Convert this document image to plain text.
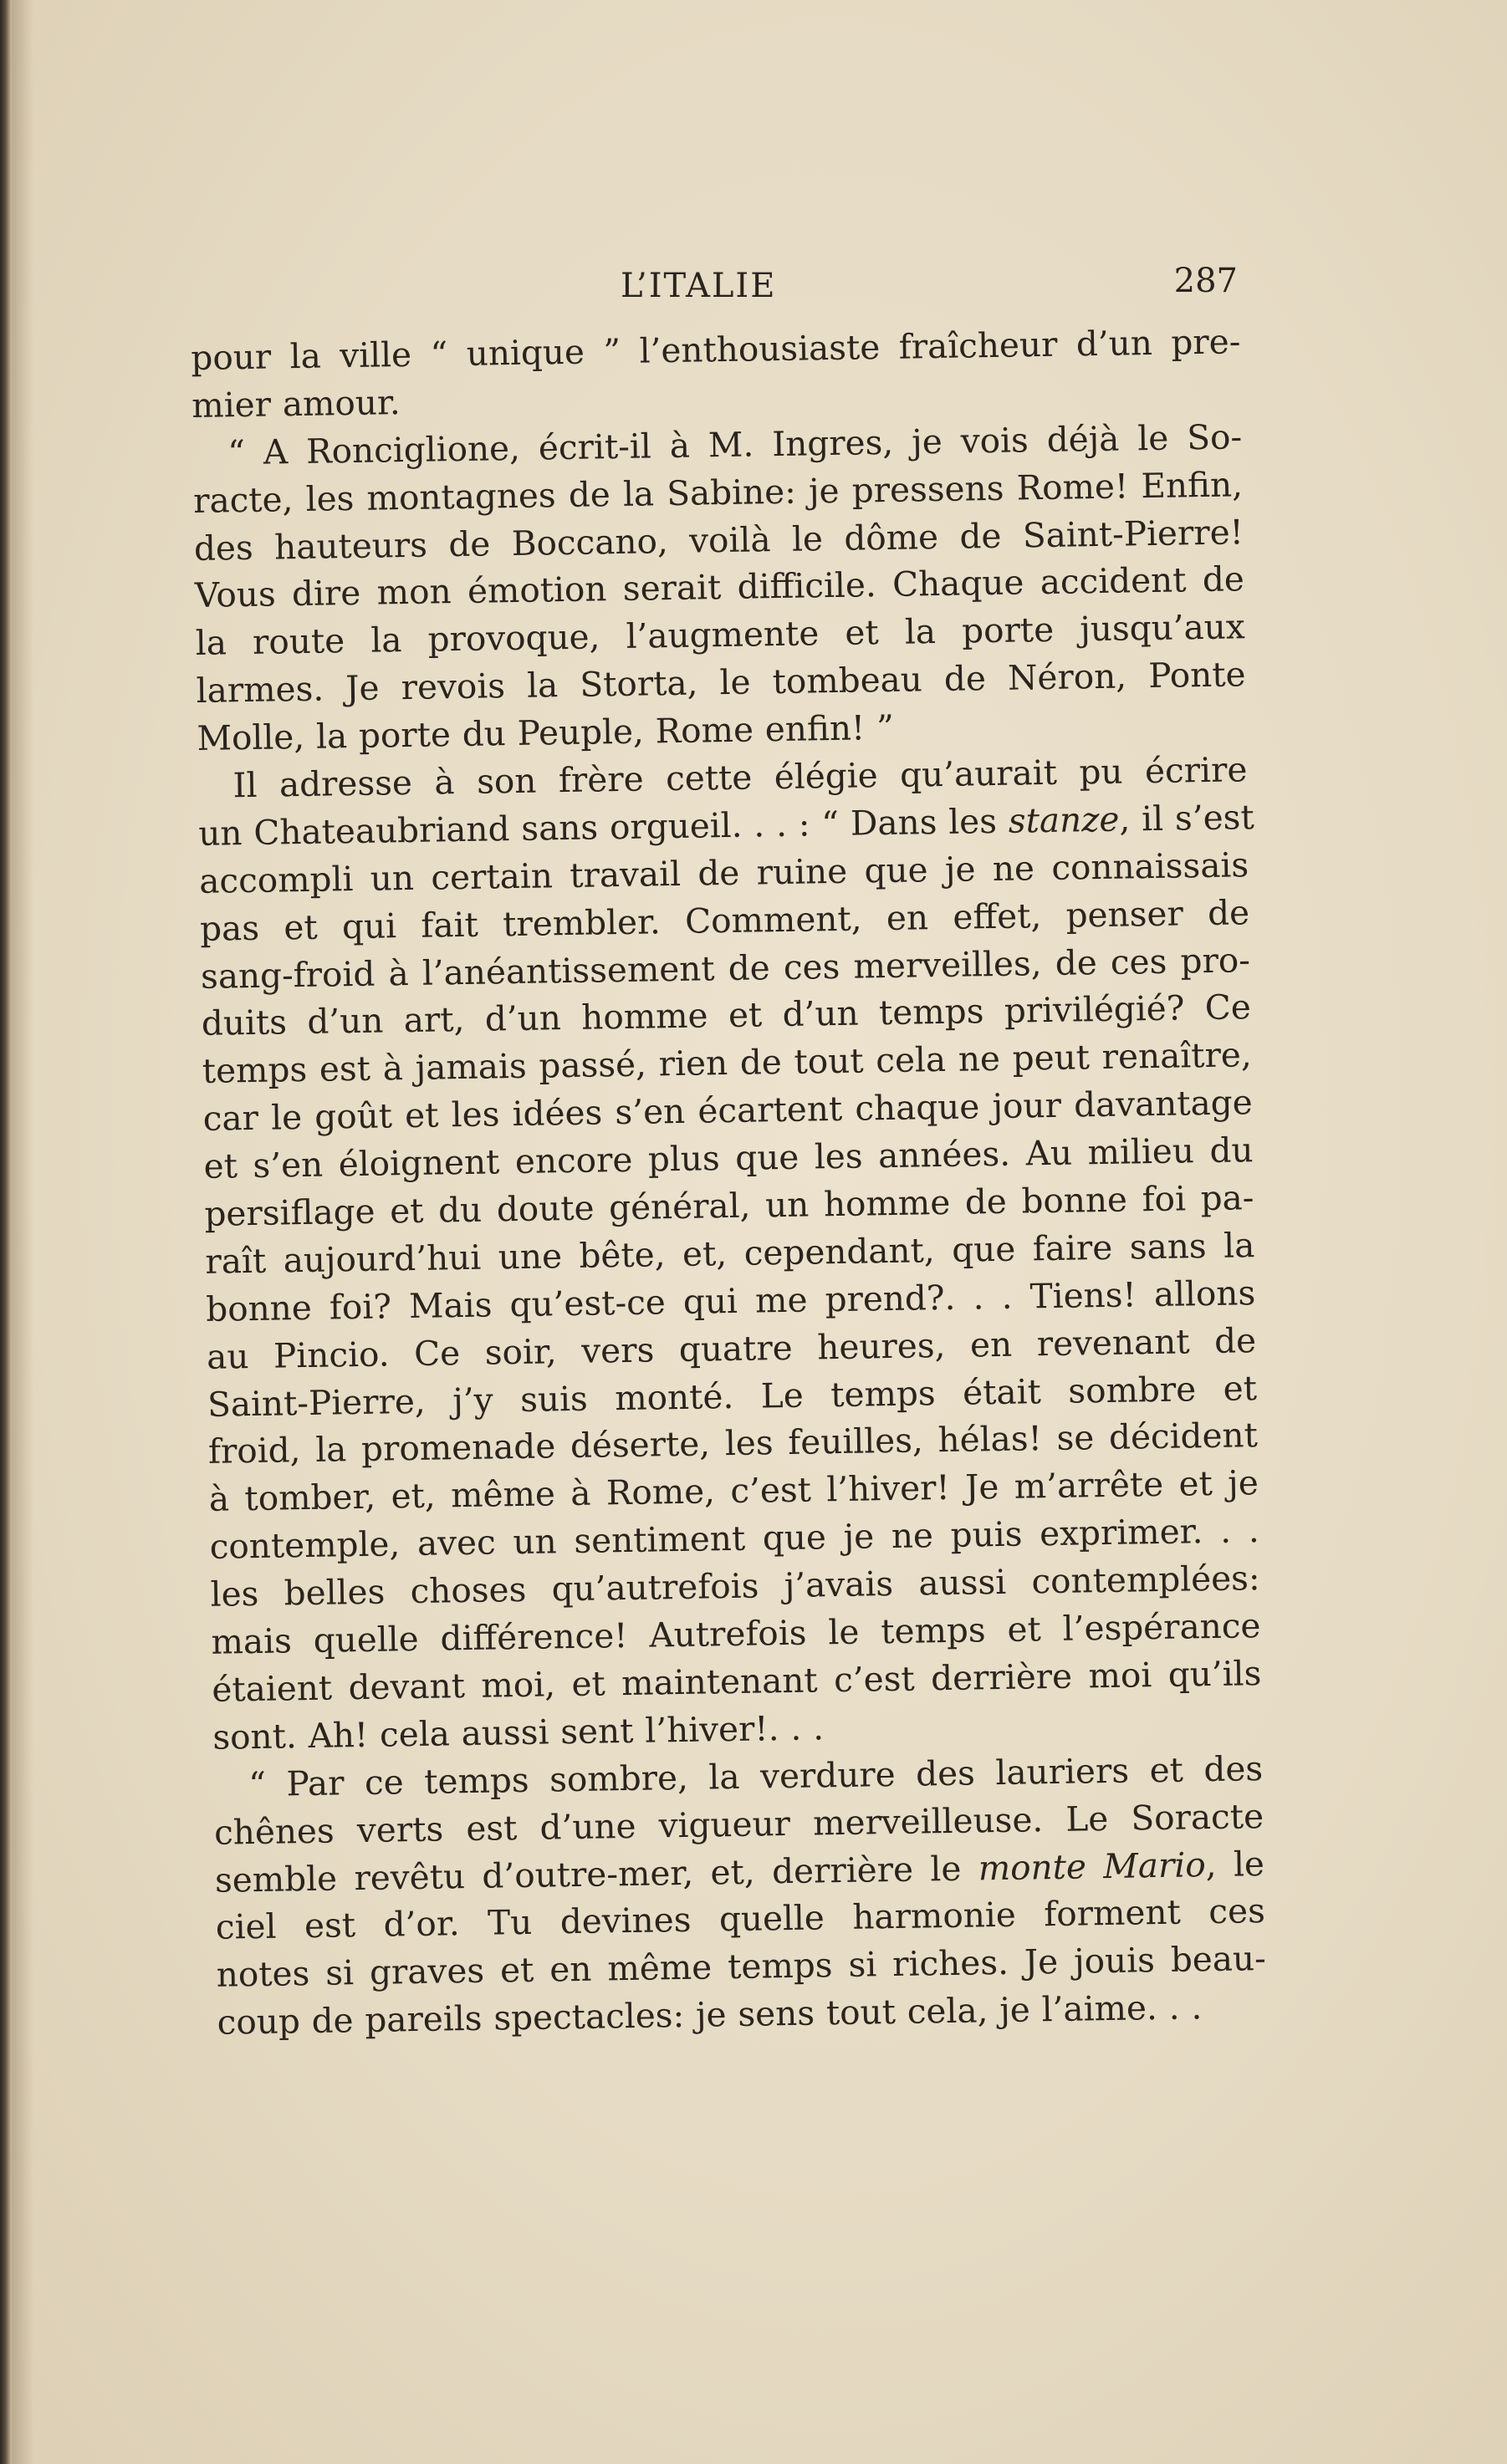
L’ITALIE	287
pour la ville “ unique ” l’enthousiaste fraîcheur d’un pre-
mier amour.
“ A Ronciglione, écrit-il à M. Ingres, je vois déjà le So-
racte, les montagnes de la Sabine: je pressens Rome! Enfin,
des hauteurs de Boccano, voilà le dôme de Saint-Pierre!
Vous dire mon émotion serait difficile. Chaque accident de
la route la provoque, l’augmente et la porte jusqu’aux
larmes. Je revois la Storta, le tombeau de Néron, Ponte
Molle, la porte du Peuple, Rome enfin! ”
Il adresse à son frère cette élégie qu’aurait pu écrire
un Chateaubriand sans orgueil. . . : “ Dans les stanze, il s’est
accompli un certain travail de ruine que je ne connaissais
pas et qui fait trembler. Comment, en effet, penser de
sang-froid à l’anéantissement de ces merveilles, de ces pro-
duits d’un art, d’un homme et d’un temps privilégié? Ce
temps est à jamais passé, rien de tout cela ne peut renaître,
car le goût et les idées s’en écartent chaque jour davantage
et s’en éloignent encore plus que les années. Au milieu du
persiflage et du doute général, un homme de bonne foi pa-
raît aujourd’hui une bête, et, cependant, que faire sans la
bonne foi? Mais qu’est-ce qui me prend?. . . Tiens! allons
au Pincio. Ce soir, vers quatre heures, en revenant de
Saint-Pierre, j’y suis monté. Le temps était sombre et
froid, la promenade déserte, les feuilles, hélas! se décident
à tomber, et, même à Rome, c’est l’hiver! Je m’arrête et je
contemple, avec un sentiment que je ne puis exprimer. . .
les belles choses qu’autrefois j’avais aussi contemplées:
mais quelle différence! Autrefois le temps et l’espérance
étaient devant moi, et maintenant c’est derrière moi qu’ils
sont. Ah! cela aussi sent l’hiver!. . .
“ Par ce temps sombre, la verdure des lauriers et des
chênes verts est d’une vigueur merveilleuse. Le Soracte
semble revêtu d’outre-mer, et, derrière le monte Mario, le
ciel est d’or. Tu devines quelle harmonie forment ces
notes si graves et en même temps si riches. Je jouis beau-
coup de pareils spectacles: je sens tout cela, je l’aime. . .
